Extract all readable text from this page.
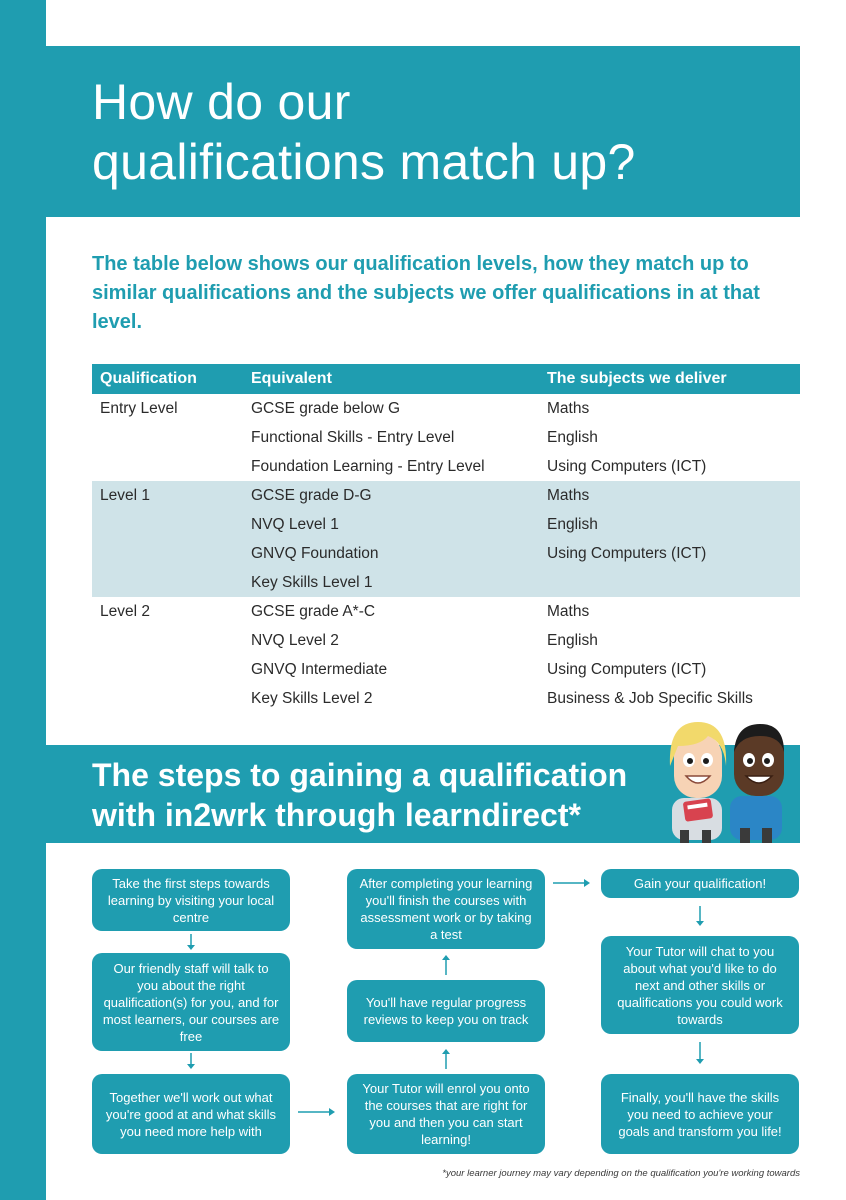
How do our
qualifications match up?

The table below shows our qualification levels, how they match up to similar qualifications and the subjects we offer qualifications in at that level.

Qualification	Equivalent	The subjects we deliver
Entry Level	GCSE grade below G	Maths
	Functional Skills - Entry Level	English
	Foundation Learning - Entry Level	Using Computers (ICT)
Level 1	GCSE grade D-G	Maths
	NVQ Level 1	English
	GNVQ Foundation	Using Computers (ICT)
	Key Skills Level 1	
Level 2	GCSE grade A*-C	Maths
	NVQ Level 2	English
	GNVQ Intermediate	Using Computers (ICT)
	Key Skills Level 2	Business & Job Specific Skills
The steps to gaining a qualification
with in2wrk through learndirect*
Take the first steps towards learning by visiting your local centre
Our friendly staff will talk to you about the right qualification(s) for you, and for most learners, our courses are free
Together we'll work out what you're good at and what skills you need more help with
After completing your learning you'll finish the courses with assessment work or by taking a test
You'll have regular progress reviews to keep you on track
Your Tutor will enrol you onto the courses that are right for you and then you can start learning!
Gain your qualification!
Your Tutor will chat to you about what you'd like to do next and other skills or qualifications you could work towards
Finally, you'll have the skills you need to achieve your goals and transform you life!
*your learner journey may vary depending on the qualification you're working towards
